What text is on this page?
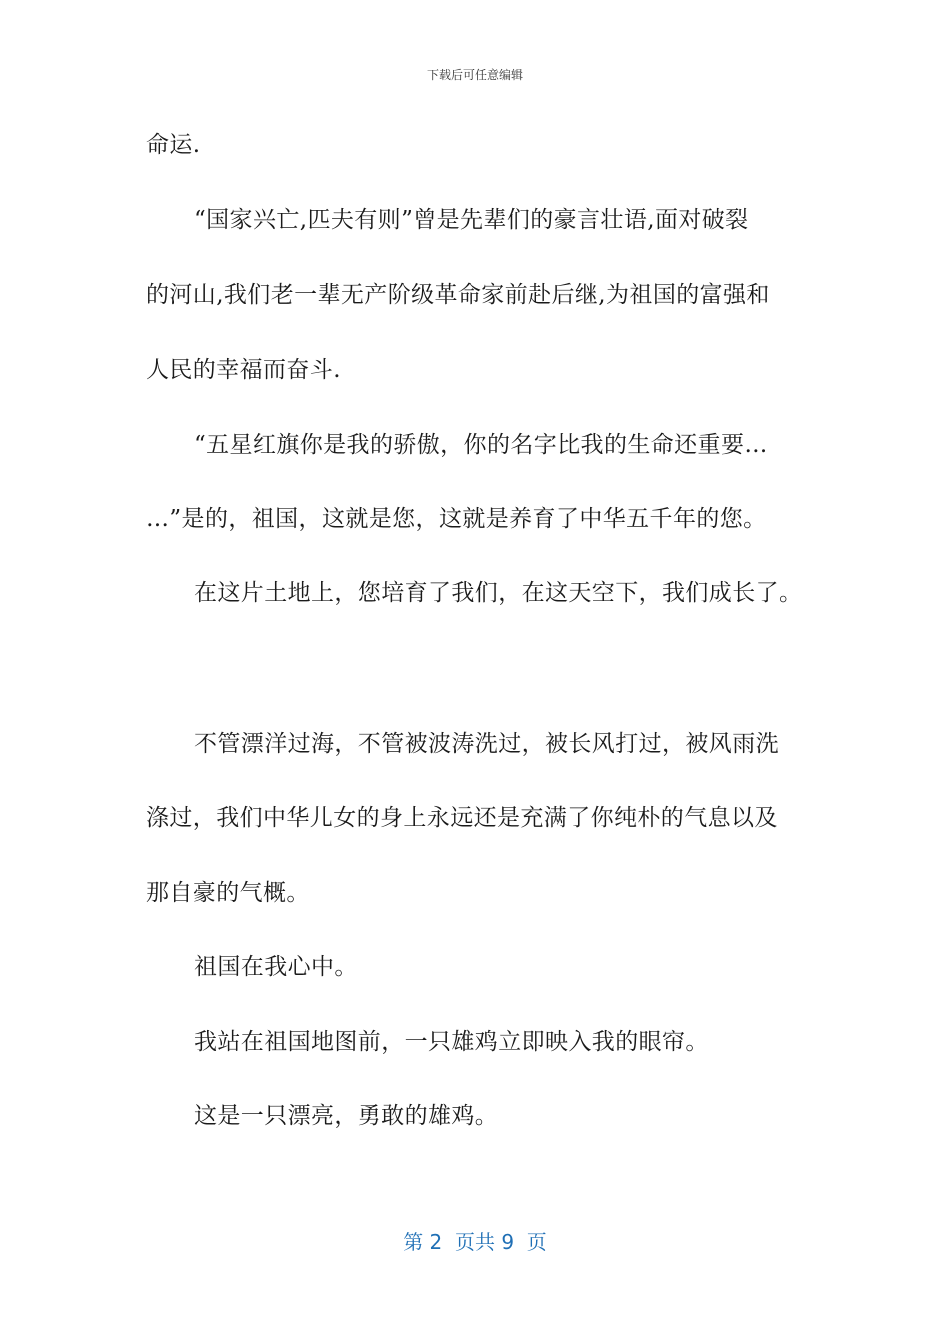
下载后可任意编辑
命运.
“国家兴亡,匹夫有则”曾是先辈们的豪言壮语,面对破裂
的河山,我们老一辈无产阶级革命家前赴后继,为祖国的富强和
人民的幸福而奋斗.
“五星红旗你是我的骄傲，你的名字比我的生命还重要…
…”是的，祖国，这就是您，这就是养育了中华五千年的您。
在这片土地上，您培育了我们，在这天空下，我们成长了。
不管漂洋过海，不管被波涛洗过，被长风打过，被风雨洗
涤过，我们中华儿女的身上永远还是充满了你纯朴的气息以及
那自豪的气概。
祖国在我心中。
我站在祖国地图前，一只雄鸡立即映入我的眼帘。
这是一只漂亮，勇敢的雄鸡。
第 2  页共 9  页
